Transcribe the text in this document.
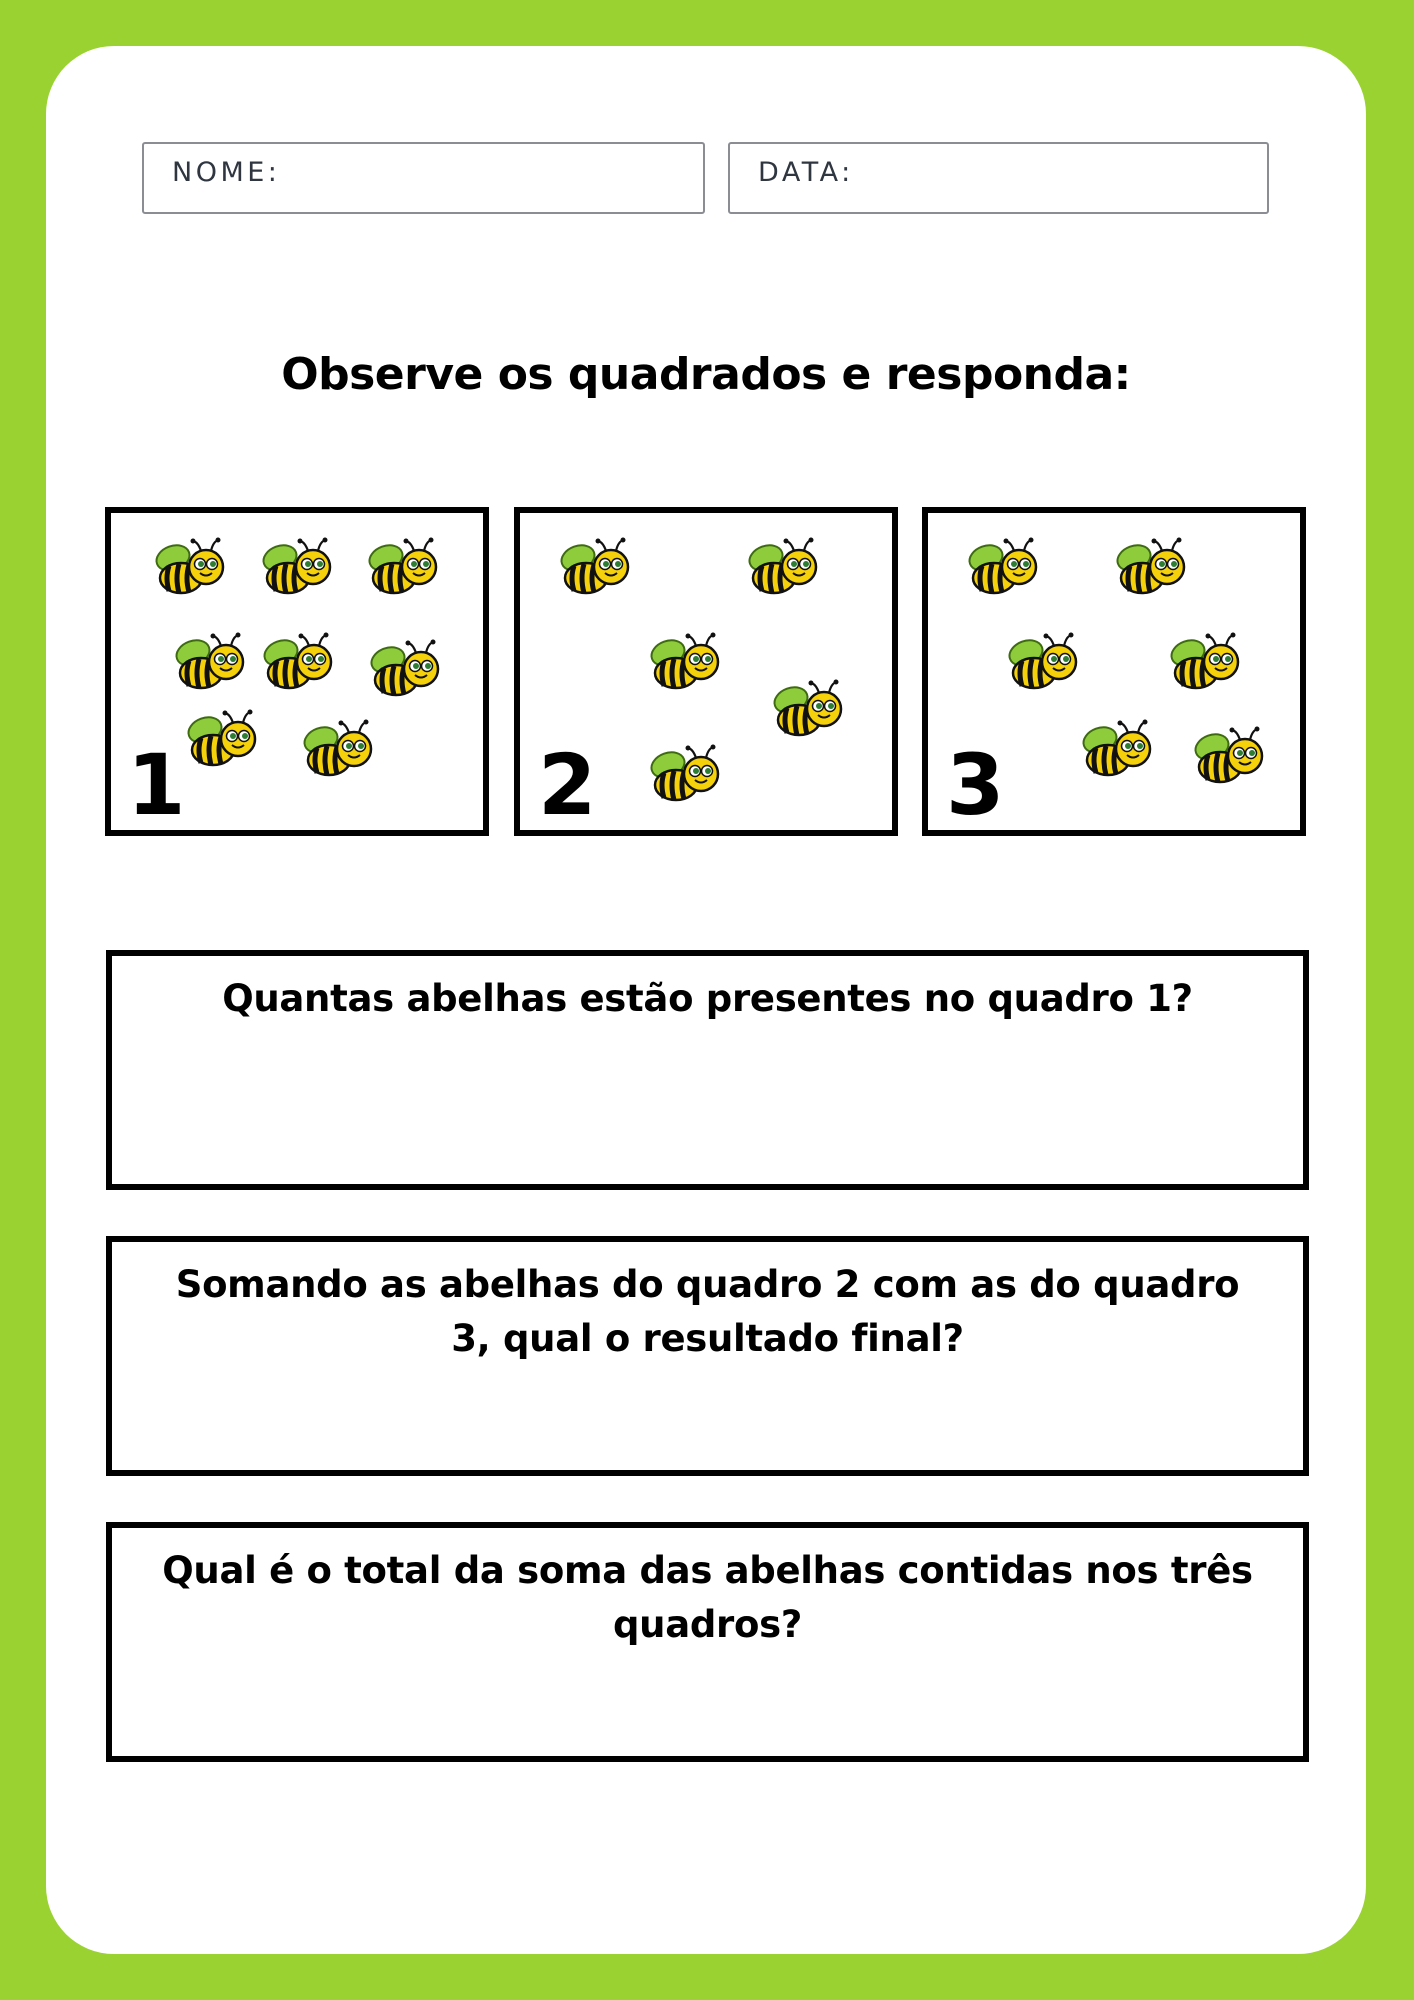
NOME:	DATA:
Observe os quadrados e responda:
1	2	3
Quantas abelhas estão presentes no quadro 1?
Somando as abelhas do quadro 2 com as do quadro 3, qual o resultado final?
Qual é o total da soma das abelhas contidas nos três quadros?
